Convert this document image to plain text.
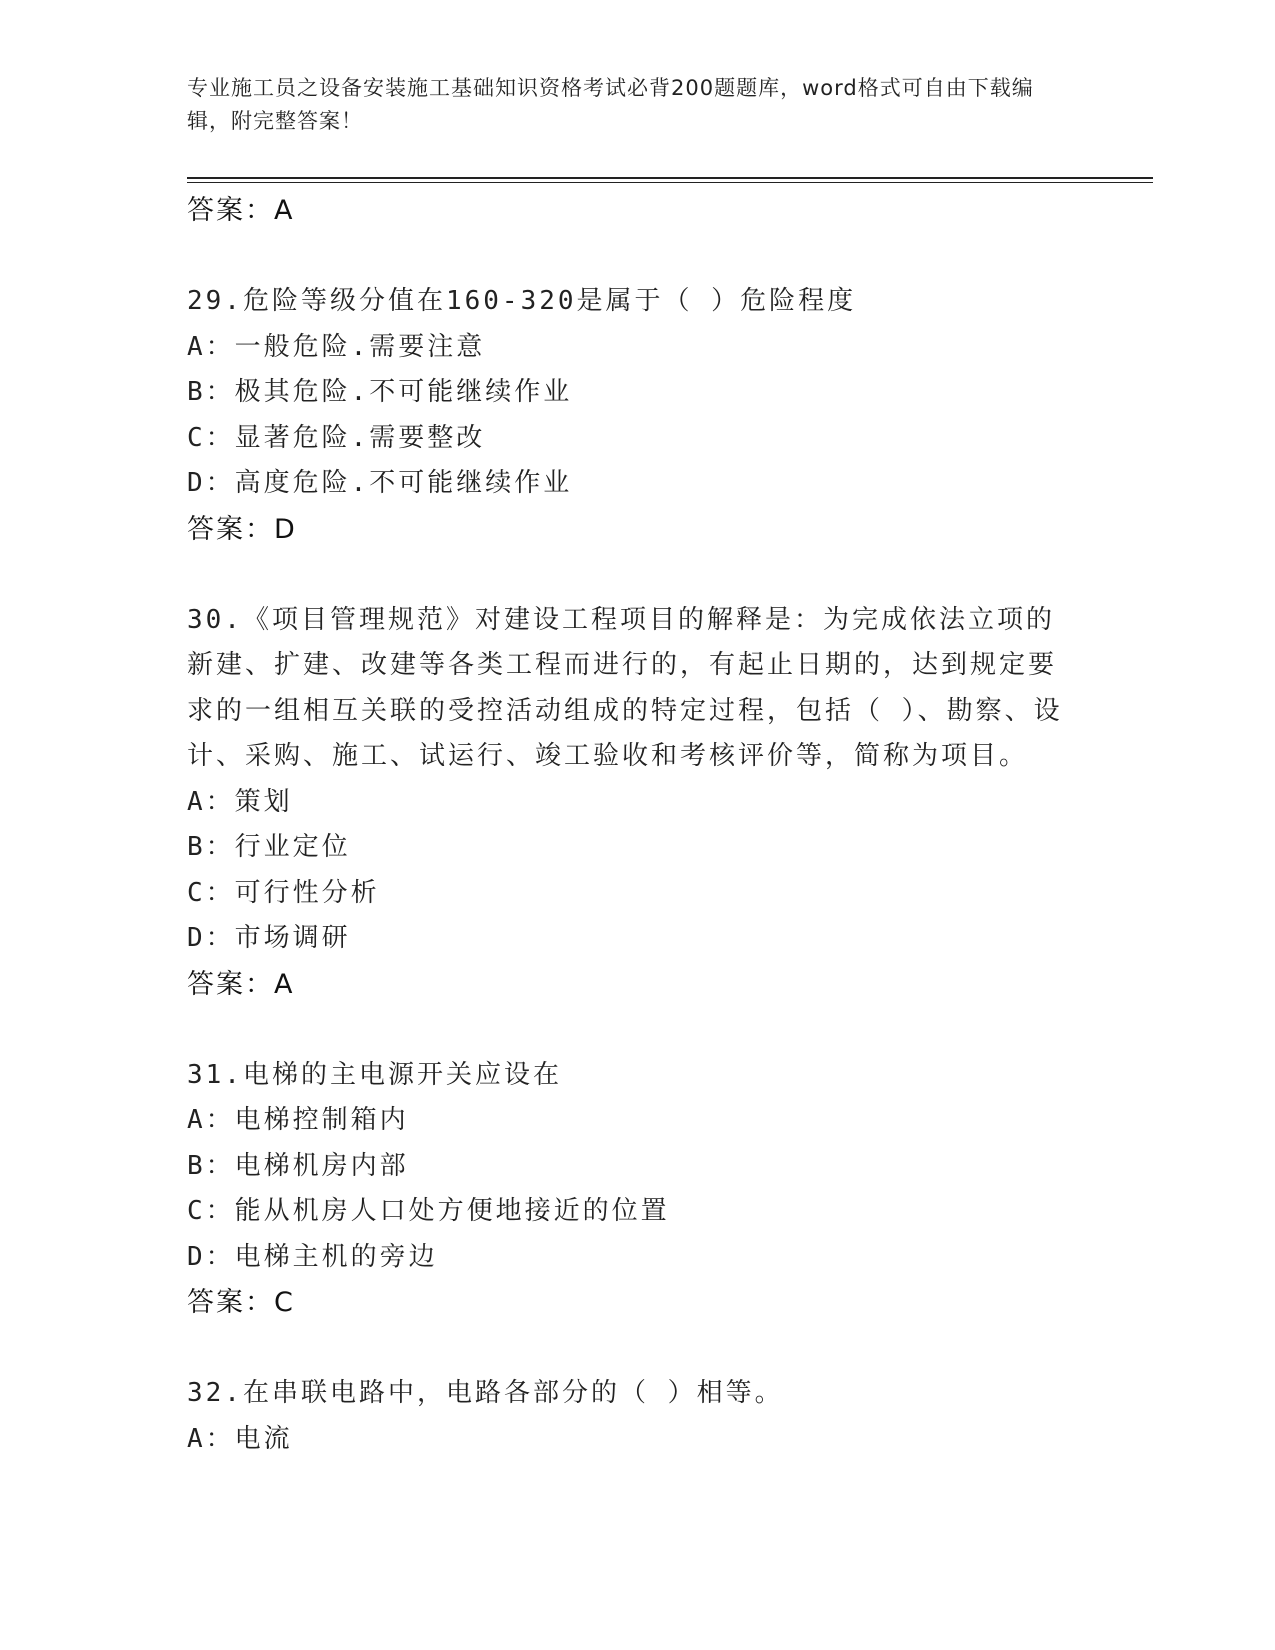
专业施工员之设备安装施工基础知识资格考试必背200题题库，word格式可自由下载编辑，附完整答案！
答案：A
29.危险等级分值在160-320是属于（ ）危险程度
A：一般危险.需要注意
B：极其危险.不可能继续作业
C：显著危险.需要整改
D：高度危险.不可能继续作业
答案：D
30.《项目管理规范》对建设工程项目的解释是：为完成依法立项的新建、扩建、改建等各类工程而进行的，有起止日期的，达到规定要求的一组相互关联的受控活动组成的特定过程，包括（ ）、勘察、设计、采购、施工、试运行、竣工验收和考核评价等，简称为项目。
A：策划
B：行业定位
C：可行性分析
D：市场调研
答案：A
31.电梯的主电源开关应设在
A：电梯控制箱内
B：电梯机房内部
C：能从机房人口处方便地接近的位置
D：电梯主机的旁边
答案：C
32.在串联电路中，电路各部分的（ ）相等。
A：电流
